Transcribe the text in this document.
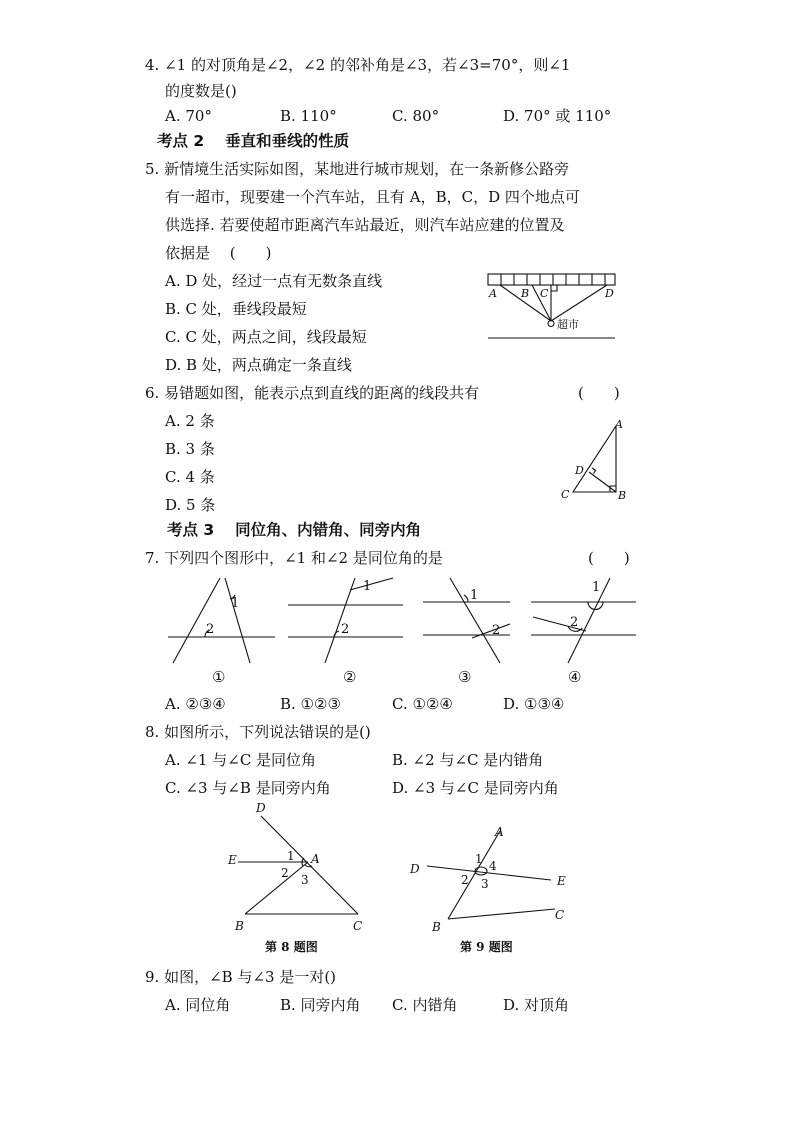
4. ∠1 的对顶角是∠2，∠2 的邻补角是∠3，若∠3=70°，则∠1
的度数是()
A. 70°	B. 110°	C. 80°	D. 70° 或 110°
考点 2　 垂直和垂线的性质
5. 新情境生活实际如图，某地进行城市规划，在一条新修公路旁
有一超市，现要建一个汽车站，且有 A，B，C，D 四个地点可
供选择. 若要使超市距离汽车站最近，则汽车站应建的位置及
依据是　 (　　)
A. D 处，经过一点有无数条直线
B. C 处，垂线段最短
C. C 处，两点之间，线段最短
D. B 处，两点确定一条直线
A B C	D
超市
6. 易错题如图，能表示点到直线的距离的线段共有	(　　)
A. 2 条
B. 3 条
C. 4 条
D. 5 条
A
D
C	B
考点 3　 同位角、内错角、同旁内角
7. 下列四个图形中，∠1 和∠2 是同位角的是	(　　)
1
2
1
2
1
2
1
2
①	②	③	④
A. ②③④	B. ①②③	C. ①②④	D. ①③④
8. 如图所示，下列说法错误的是()
A. ∠1 与∠C 是同位角	B. ∠2 与∠C 是内错角
C. ∠3 与∠B 是同旁内角	D. ∠3 与∠C 是同旁内角
D
E	A
B	C
1
2 3
第 8 题图
A
D
E
B
C
1 4
2 3
第 9 题图
9. 如图，∠B 与∠3 是一对()
A. 同位角	B. 同旁内角 C. 内错角	D. 对顶角
